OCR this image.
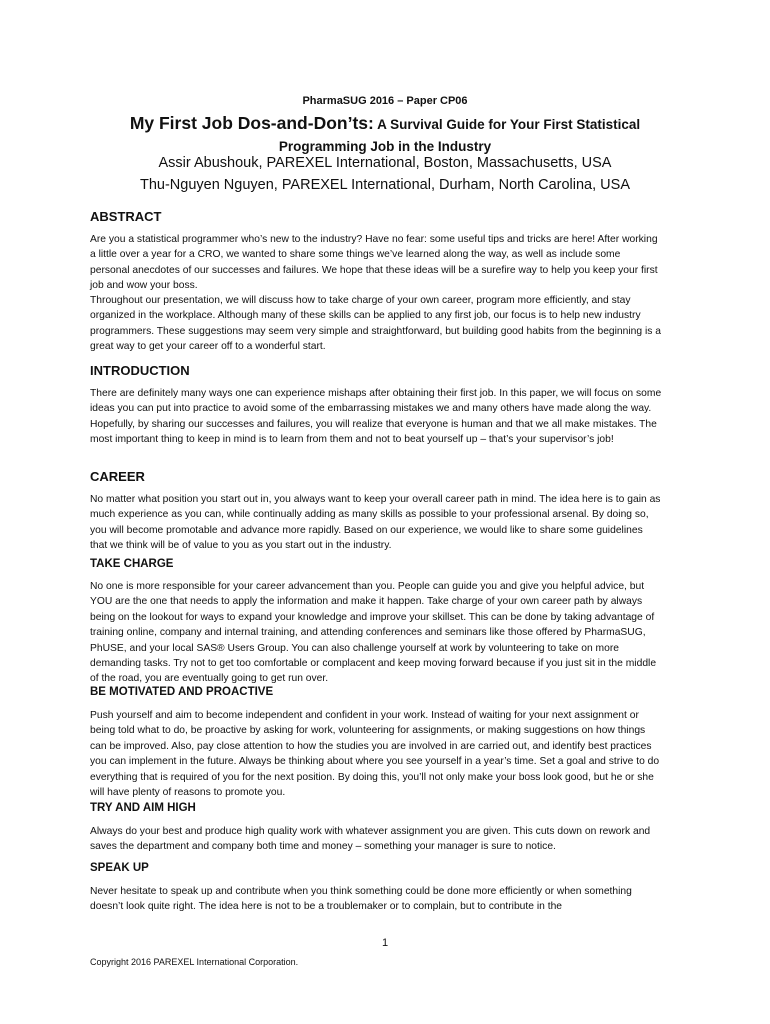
PharmaSUG 2016 – Paper CP06
My First Job Dos-and-Don’ts: A Survival Guide for Your First Statistical
Programming Job in the Industry
Assir Abushouk, PAREXEL International, Boston, Massachusetts, USA
Thu-Nguyen Nguyen, PAREXEL International, Durham, North Carolina, USA
ABSTRACT
Are you a statistical programmer who’s new to the industry? Have no fear: some useful tips and tricks are here! After working a little over a year for a CRO, we wanted to share some things we’ve learned along the way, as well as include some personal anecdotes of our successes and failures. We hope that these ideas will be a surefire way to help you keep your first job and wow your boss.
Throughout our presentation, we will discuss how to take charge of your own career, program more efficiently, and stay organized in the workplace. Although many of these skills can be applied to any first job, our focus is to help new industry programmers. These suggestions may seem very simple and straightforward, but building good habits from the beginning is a great way to get your career off to a wonderful start.
INTRODUCTION
There are definitely many ways one can experience mishaps after obtaining their first job. In this paper, we will focus on some ideas you can put into practice to avoid some of the embarrassing mistakes we and many others have made along the way. Hopefully, by sharing our successes and failures, you will realize that everyone is human and that we all make mistakes. The most important thing to keep in mind is to learn from them and not to beat yourself up – that’s your supervisor’s job!
CAREER
No matter what position you start out in, you always want to keep your overall career path in mind. The idea here is to gain as much experience as you can, while continually adding as many skills as possible to your professional arsenal. By doing so, you will become promotable and advance more rapidly. Based on our experience, we would like to share some guidelines that we think will be of value to you as you start out in the industry.
TAKE CHARGE
No one is more responsible for your career advancement than you. People can guide you and give you helpful advice, but YOU are the one that needs to apply the information and make it happen. Take charge of your own career path by always being on the lookout for ways to expand your knowledge and improve your skillset. This can be done by taking advantage of training online, company and internal training, and attending conferences and seminars like those offered by PharmaSUG, PhUSE, and your local SAS® Users Group. You can also challenge yourself at work by volunteering to take on more demanding tasks. Try not to get too comfortable or complacent and keep moving forward because if you just sit in the middle of the road, you are eventually going to get run over.
BE MOTIVATED AND PROACTIVE
Push yourself and aim to become independent and confident in your work. Instead of waiting for your next assignment or being told what to do, be proactive by asking for work, volunteering for assignments, or making suggestions on how things can be improved. Also, pay close attention to how the studies you are involved in are carried out, and identify best practices you can implement in the future. Always be thinking about where you see yourself in a year’s time. Set a goal and strive to do everything that is required of you for the next position. By doing this, you’ll not only make your boss look good, but he or she will have plenty of reasons to promote you.
TRY AND AIM HIGH
Always do your best and produce high quality work with whatever assignment you are given. This cuts down on rework and saves the department and company both time and money – something your manager is sure to notice.
SPEAK UP
Never hesitate to speak up and contribute when you think something could be done more efficiently or when something doesn’t look quite right. The idea here is not to be a troublemaker or to complain, but to contribute in the
1
Copyright 2016 PAREXEL International Corporation.
